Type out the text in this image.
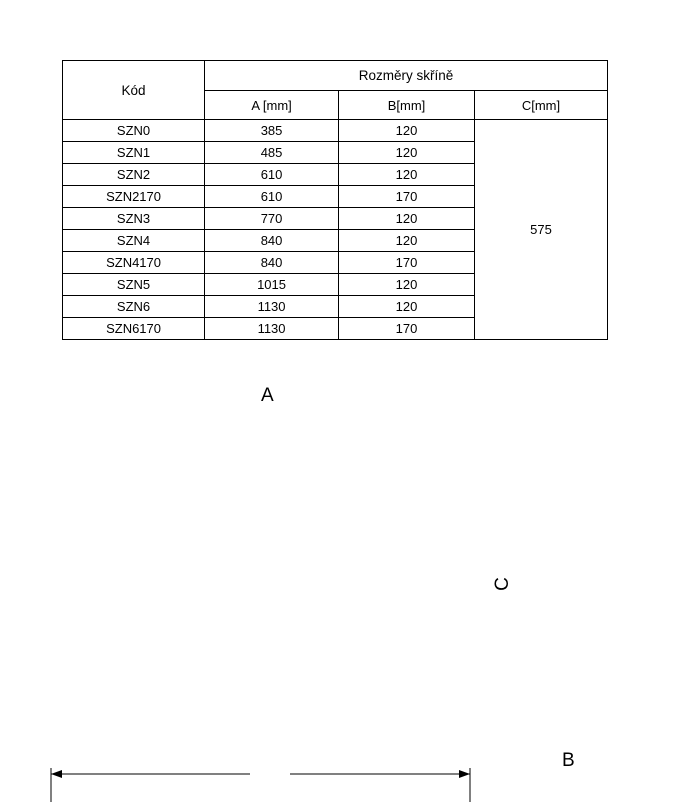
Kód	Rozměry skříně		
	A [mm]	B[mm]	C[mm]
SZN0	385	120	575
SZN1	485	120	
SZN2	610	120	
SZN2170	610	170	
SZN3	770	120	
SZN4	840	120	
SZN4170	840	170	
SZN5	1015	120	
SZN6	1130	120	
SZN6170	1130	170	
A
B
C
